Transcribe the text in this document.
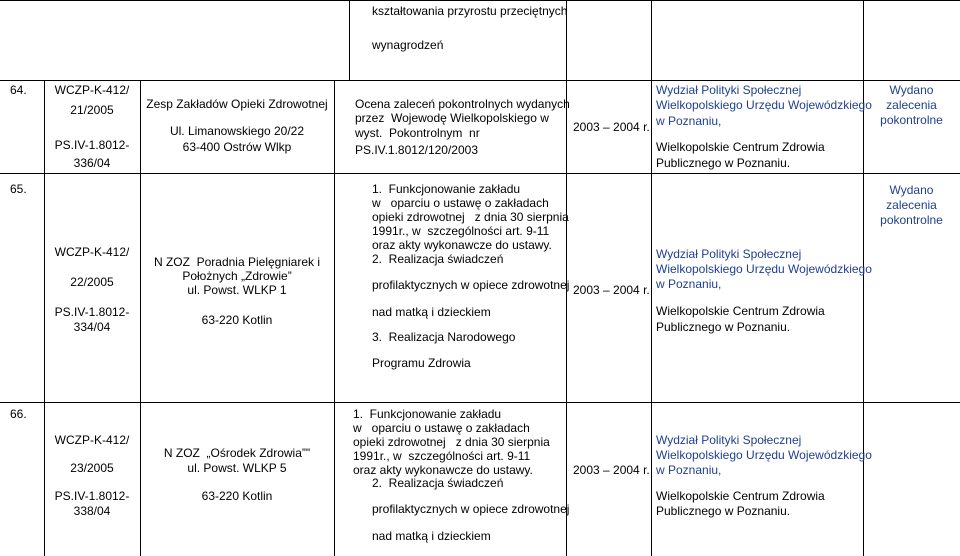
kształtowania przyrostu przeciętnych
wynagrodzeń
64.	WCZP-K-412/
21/2005
PS.IV-1.8012-
336/04
Zesp Zakładów Opieki Zdrowotnej
Ul. Limanowskiego 20/22
63-400 Ostrów Wlkp
Ocena zaleceń pokontrolnych wydanych
przez  Wojewodę Wielkopolskiego w
wyst.  Pokontrolnym  nr
PS.IV.1.8012/120/2003
2003 – 2004 r.
Wydział Polityki Społecznej
Wielkopolskiego Urzędu Wojewódzkiego
w Poznaniu,
Wielkopolskie Centrum Zdrowia
Publicznego w Poznaniu.
Wydano
zalecenia
pokontrolne
65.
WCZP-K-412/
22/2005
PS.IV-1.8012-
334/04
N ZOZ  Poradnia Pielęgniarek i
Położnych „Zdrowie”
ul. Powst. WLKP 1
63-220 Kotlin
1.  Funkcjonowanie zakładu
w   oparciu o ustawę o zakładach
opieki zdrowotnej   z dnia 30 sierpnia
1991r., w  szczególności art. 9-11
oraz akty wykonawcze do ustawy.
2.  Realizacja świadczeń
profilaktycznych w opiece zdrowotnej
nad matką i dzieckiem
3.  Realizacja Narodowego
Programu Zdrowia
2003 – 2004 r.
Wydział Polityki Społecznej
Wielkopolskiego Urzędu Wojewódzkiego
w Poznaniu,
Wielkopolskie Centrum Zdrowia
Publicznego w Poznaniu.
Wydano
zalecenia
pokontrolne
66.
WCZP-K-412/
23/2005
PS.IV-1.8012-
338/04
N ZOZ  „Ośrodek Zdrowia”"
ul. Powst. WLKP 5
63-220 Kotlin
1.  Funkcjonowanie zakładu
w   oparciu o ustawę o zakładach
opieki zdrowotnej   z dnia 30 sierpnia
1991r., w  szczególności art. 9-11
oraz akty wykonawcze do ustawy.
2.  Realizacja świadczeń
profilaktycznych w opiece zdrowotnej
nad matką i dzieckiem
2003 – 2004 r.
Wydział Polityki Społecznej
Wielkopolskiego Urzędu Wojewódzkiego
w Poznaniu,
Wielkopolskie Centrum Zdrowia
Publicznego w Poznaniu.
